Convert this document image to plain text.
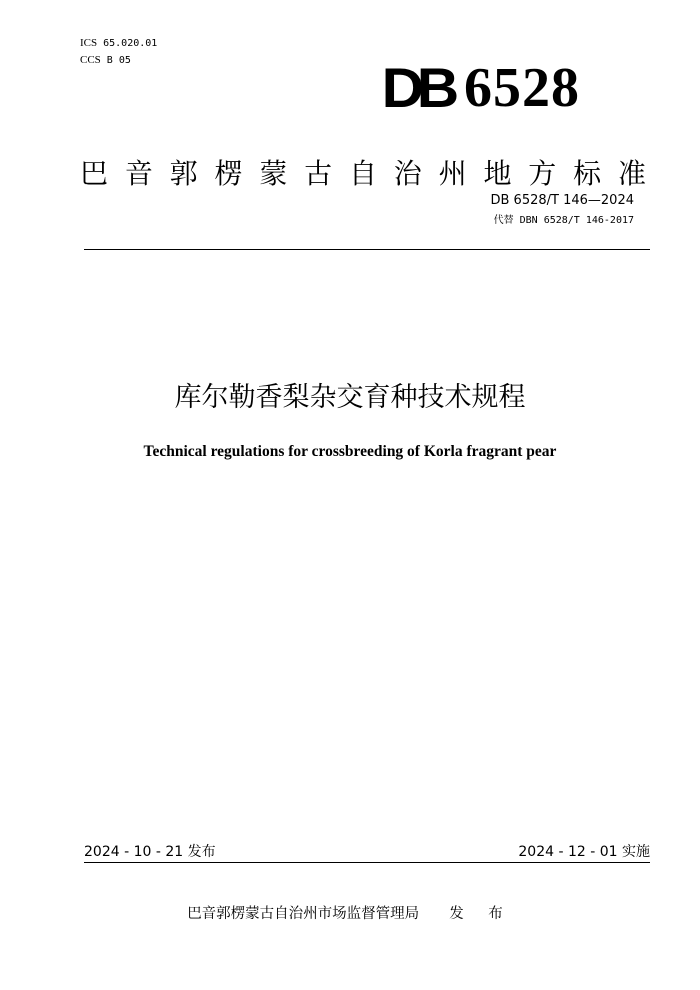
ICS 65.020.01
CCS B 05	DB 6528
巴 音 郭 楞 蒙 古 自 治 州 地 方 标 准
DB 6528/T 146—2024
代替 DBN 6528/T 146-2017
库尔勒香梨杂交育种技术规程
Technical regulations for crossbreeding of Korla fragrant pear
2024 - 10 - 21 发布	2024 - 12 - 01 实施
巴音郭楞蒙古自治州市场监督管理局 发 布
